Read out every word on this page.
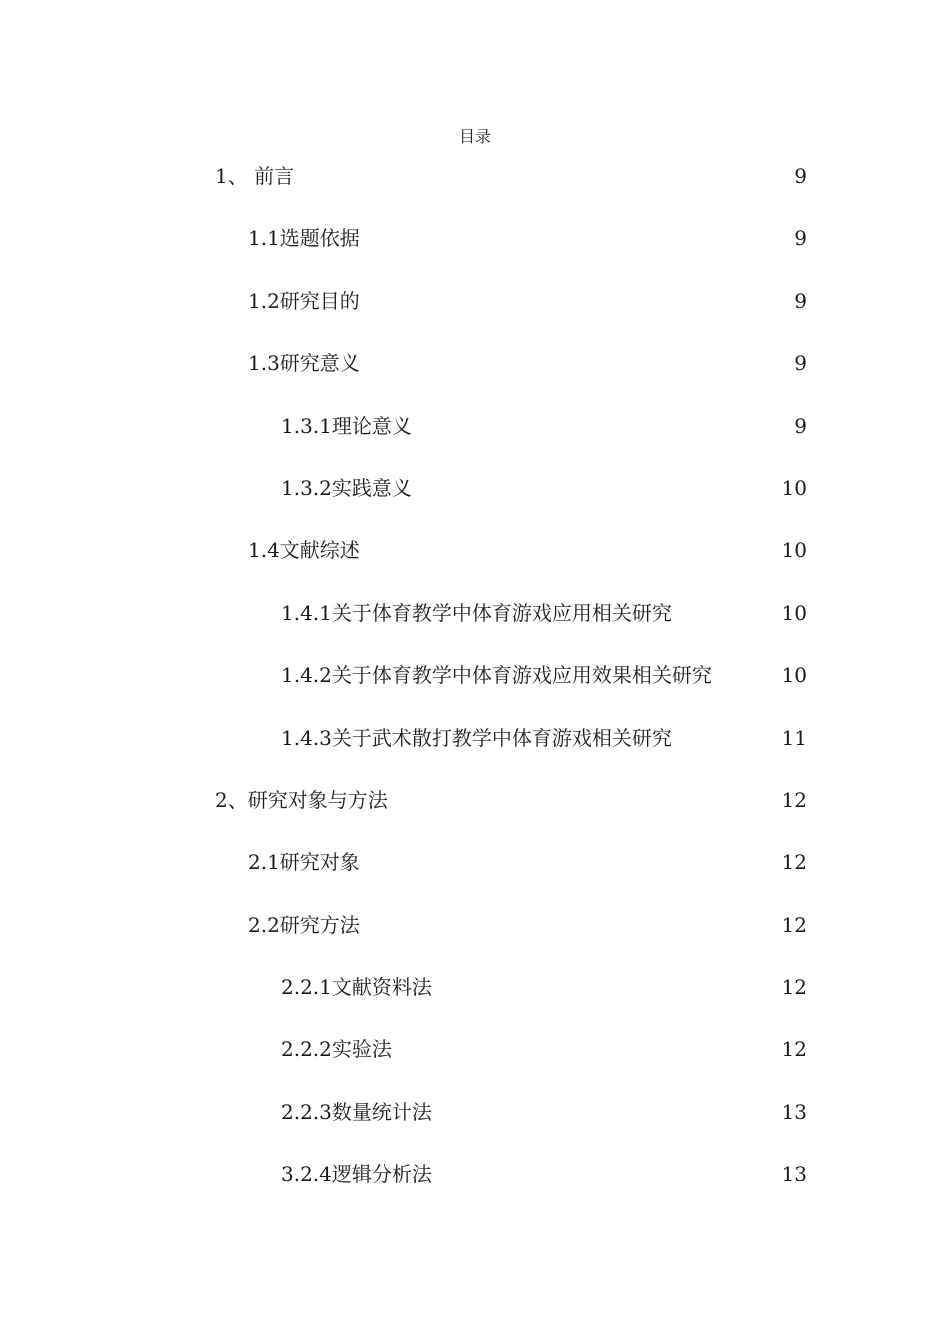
目录
1、 前言	9
1.1选题依据	9
1.2研究目的	9
1.3研究意义	9
1.3.1理论意义	9
1.3.2实践意义	10
1.4文献综述	10
1.4.1关于体育教学中体育游戏应用相关研究	10
1.4.2关于体育教学中体育游戏应用效果相关研究	10
1.4.3关于武术散打教学中体育游戏相关研究	11
2、研究对象与方法	12
2.1研究对象	12
2.2研究方法	12
2.2.1文献资料法	12
2.2.2实验法	12
2.2.3数量统计法	13
3.2.4逻辑分析法	13
